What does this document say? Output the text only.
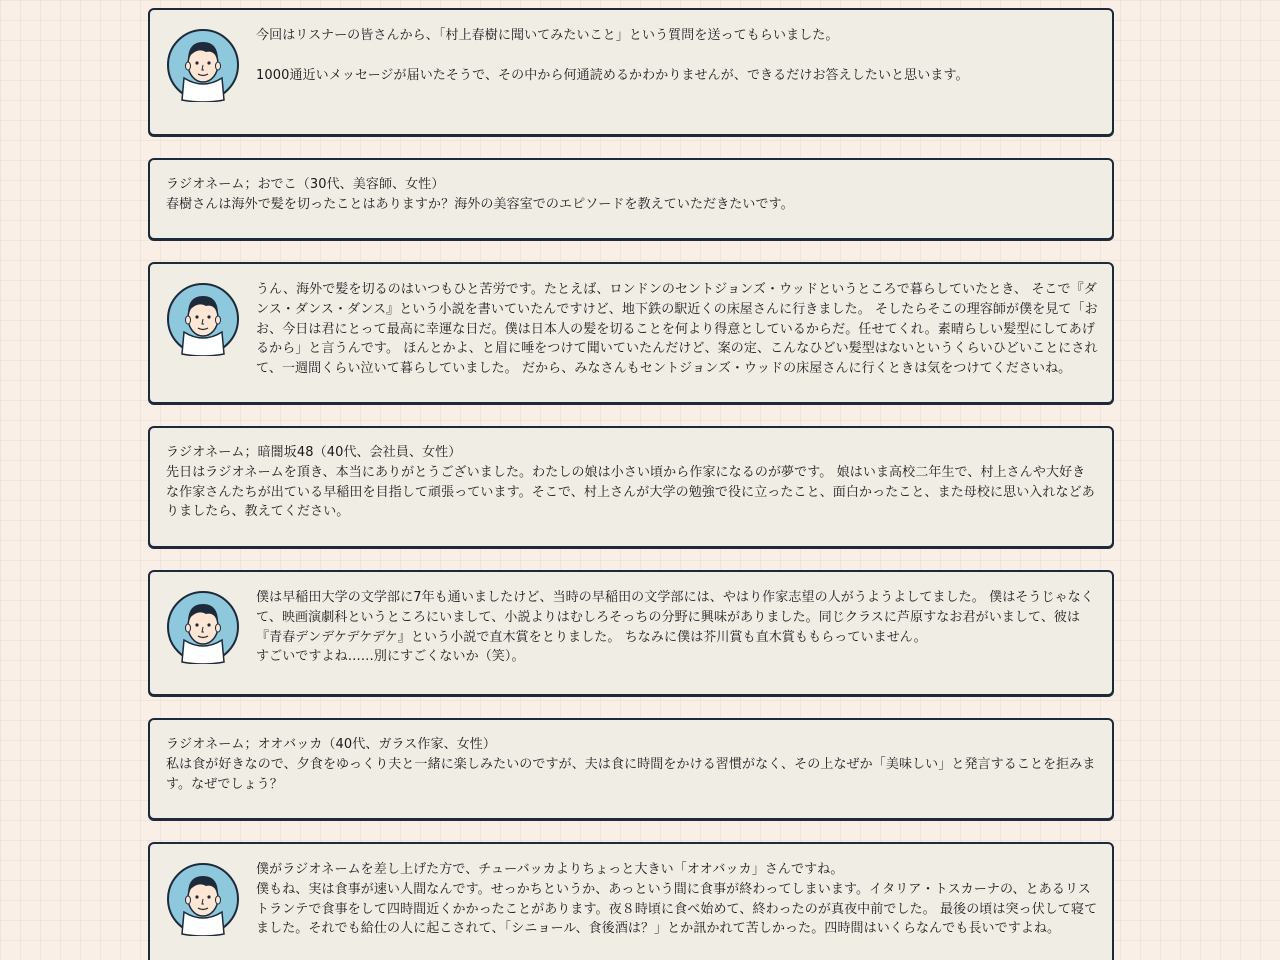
今回はリスナーの皆さんから、「村上春樹に聞いてみたいこと」という質問を送ってもらいました。

1000通近いメッセージが届いたそうで、その中から何通読めるかわかりませんが、できるだけお答えしたいと思います。

ラジオネーム；おでこ（30代、美容師、女性）

春樹さんは海外で髪を切ったことはありますか？海外の美容室でのエピソードを教えていただきたいです。

うん、海外で髪を切るのはいつもひと苦労です。たとえば、ロンドンのセントジョンズ・ウッドというところで暮らしていたとき、 そこで『ダンス・ダンス・ダンス』という小説を書いていたんですけど、地下鉄の駅近くの床屋さんに行きました。 そしたらそこの理容師が僕を見て「おお、今日は君にとって最高に幸運な日だ。僕は日本人の髪を切ることを何より得意としているからだ。任せてくれ。素晴らしい髪型にしてあげるから」と言うんです。 ほんとかよ、と眉に唾をつけて聞いていたんだけど、案の定、こんなひどい髪型はないというくらいひどいことにされて、一週間くらい泣いて暮らしていました。 だから、みなさんもセントジョンズ・ウッドの床屋さんに行くときは気をつけてくださいね。

ラジオネーム；暗闇坂48（40代、会社員、女性）

先日はラジオネームを頂き、本当にありがとうございました。わたしの娘は小さい頃から作家になるのが夢です。 娘はいま高校二年生で、村上さんや大好きな作家さんたちが出ている早稲田を目指して頑張っています。そこで、村上さんが大学の勉強で役に立ったこと、面白かったこと、また母校に思い入れなどありましたら、教えてください。

僕は早稲田大学の文学部に7年も通いましたけど、当時の早稲田の文学部には、やはり作家志望の人がうようよしてました。 僕はそうじゃなくて、映画演劇科というところにいまして、小説よりはむしろそっちの分野に興味がありました。同じクラスに芦原すなお君がいまして、彼は『青春デンデケデケデケ』という小説で直木賞をとりました。 ちなみに僕は芥川賞も直木賞ももらっていません。

すごいですよね……別にすごくないか（笑）。

ラジオネーム；オオバッカ（40代、ガラス作家、女性）

私は食が好きなので、夕食をゆっくり夫と一緒に楽しみたいのですが、夫は食に時間をかける習慣がなく、その上なぜか「美味しい」と発言することを拒みます。なぜでしょう？

僕がラジオネームを差し上げた方で、チューバッカよりちょっと大きい「オオバッカ」さんですね。

僕もね、実は食事が速い人間なんです。せっかちというか、あっという間に食事が終わってしまいます。イタリア・トスカーナの、とあるリストランテで食事をして四時間近くかかったことがあります。夜８時頃に食べ始めて、終わったのが真夜中前でした。 最後の頃は突っ伏して寝てました。それでも給仕の人に起こされて、「シニョール、食後酒は？」とか訊かれて苦しかった。四時間はいくらなんでも長いですよね。
